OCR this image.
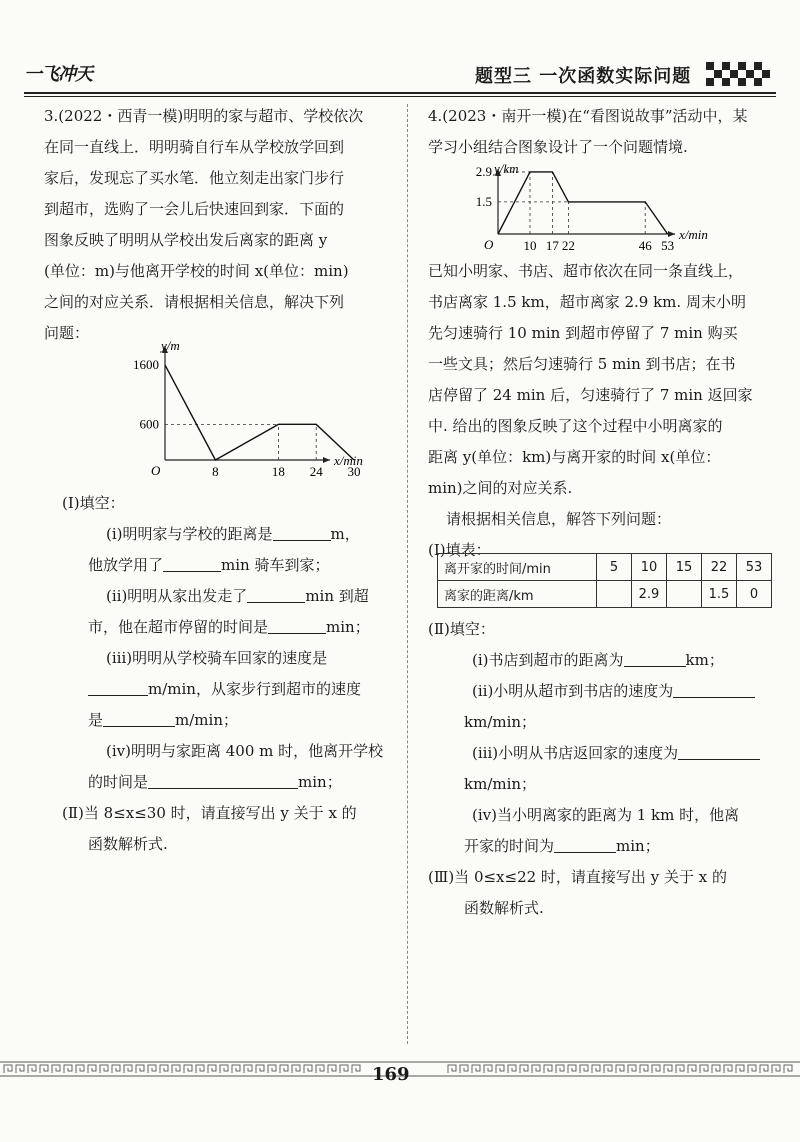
一飞冲天	题型三 一次函数实际问题

3.(2022・西青一模)明明的家与超市、学校依次

在同一直线上．明明骑自行车从学校放学回到

家后，发现忘了买水笔．他立刻走出家门步行

到超市，选购了一会儿后快速回到家．下面的

图象反映了明明从学校出发后离家的距离 y

(单位：m)与他离开学校的时间 x(单位：min)

之间的对应关系．请根据相关信息，解决下列

问题：

x/min
y/m
O
600
1600
8	18 24 30

(Ⅰ)填空：

(ⅰ)明明家与学校的距离是	m，

他放学用了	min 骑车到家；

(ⅱ)明明从家出发走了	min 到超

市，他在超市停留的时间是	min；

(ⅲ)明明从学校骑车回家的速度是

m/min，从家步行到超市的速度

是	m/min；

(ⅳ)明明与家距离 400 m 时，他离开学校

的时间是	min；

(Ⅱ)当 8≤x≤30 时，请直接写出 y 关于 x 的

函数解析式.

4.(2023・南开一模)在“看图说故事”活动中，某

学习小组结合图象设计了一个问题情境.

x/min
y/km
O
1.5
2.9
10 17 22	46 53

已知小明家、书店、超市依次在同一条直线上，

书店离家 1.5 km，超市离家 2.9 km. 周末小明

先匀速骑行 10 min 到超市停留了 7 min 购买

一些文具；然后匀速骑行 5 min 到书店；在书

店停留了 24 min 后，匀速骑行了 7 min 返回家

中. 给出的图象反映了这个过程中小明离家的

距离 y(单位：km)与离开家的时间 x(单位：

min)之间的对应关系.

请根据相关信息，解答下列问题：

(Ⅰ)填表：

离开家的时间/min	5	10	15	22	53
离家的距离/km		2.9		1.5	0

(Ⅱ)填空：

(ⅰ)书店到超市的距离为	km；

(ⅱ)小明从超市到书店的速度为

km/min；

(ⅲ)小明从书店返回家的速度为

km/min；

(ⅳ)当小明离家的距离为 1 km 时，他离

开家的时间为	min；

(Ⅲ)当 0≤x≤22 时，请直接写出 y 关于 x 的

函数解析式.

169
